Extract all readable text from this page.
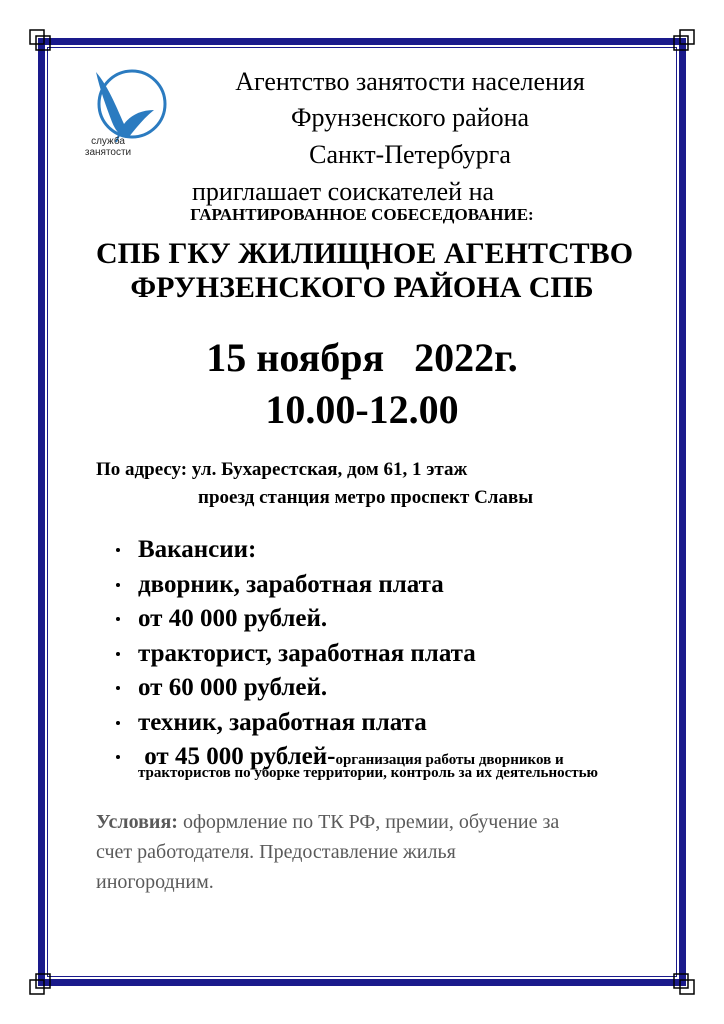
служба
занятости
Агентство занятости населения
Фрунзенского района
Санкт-Петербурга
приглашает соискателей на
ГАРАНТИРОВАННОЕ СОБЕСЕДОВАНИЕ:
СПБ ГКУ ЖИЛИЩНОЕ АГЕНТСТВО
ФРУНЗЕНСКОГО РАЙОНА СПБ
15 ноября   2022г.
10.00-12.00
По адресу: ул. Бухарестская, дом 61, 1 этаж
проезд станция метро проспект Славы
Вакансии:
дворник, заработная плата
от 40 000 рублей.
тракторист, заработная плата
от 60 000 рублей.
техник, заработная плата
от 45 000 рублей-организация работы дворников и
трактористов по уборке территории, контроль за их деятельностью
Условия: оформление по ТК РФ, премии, обучение за
счет работодателя. Предоставление жилья
иногородним.
